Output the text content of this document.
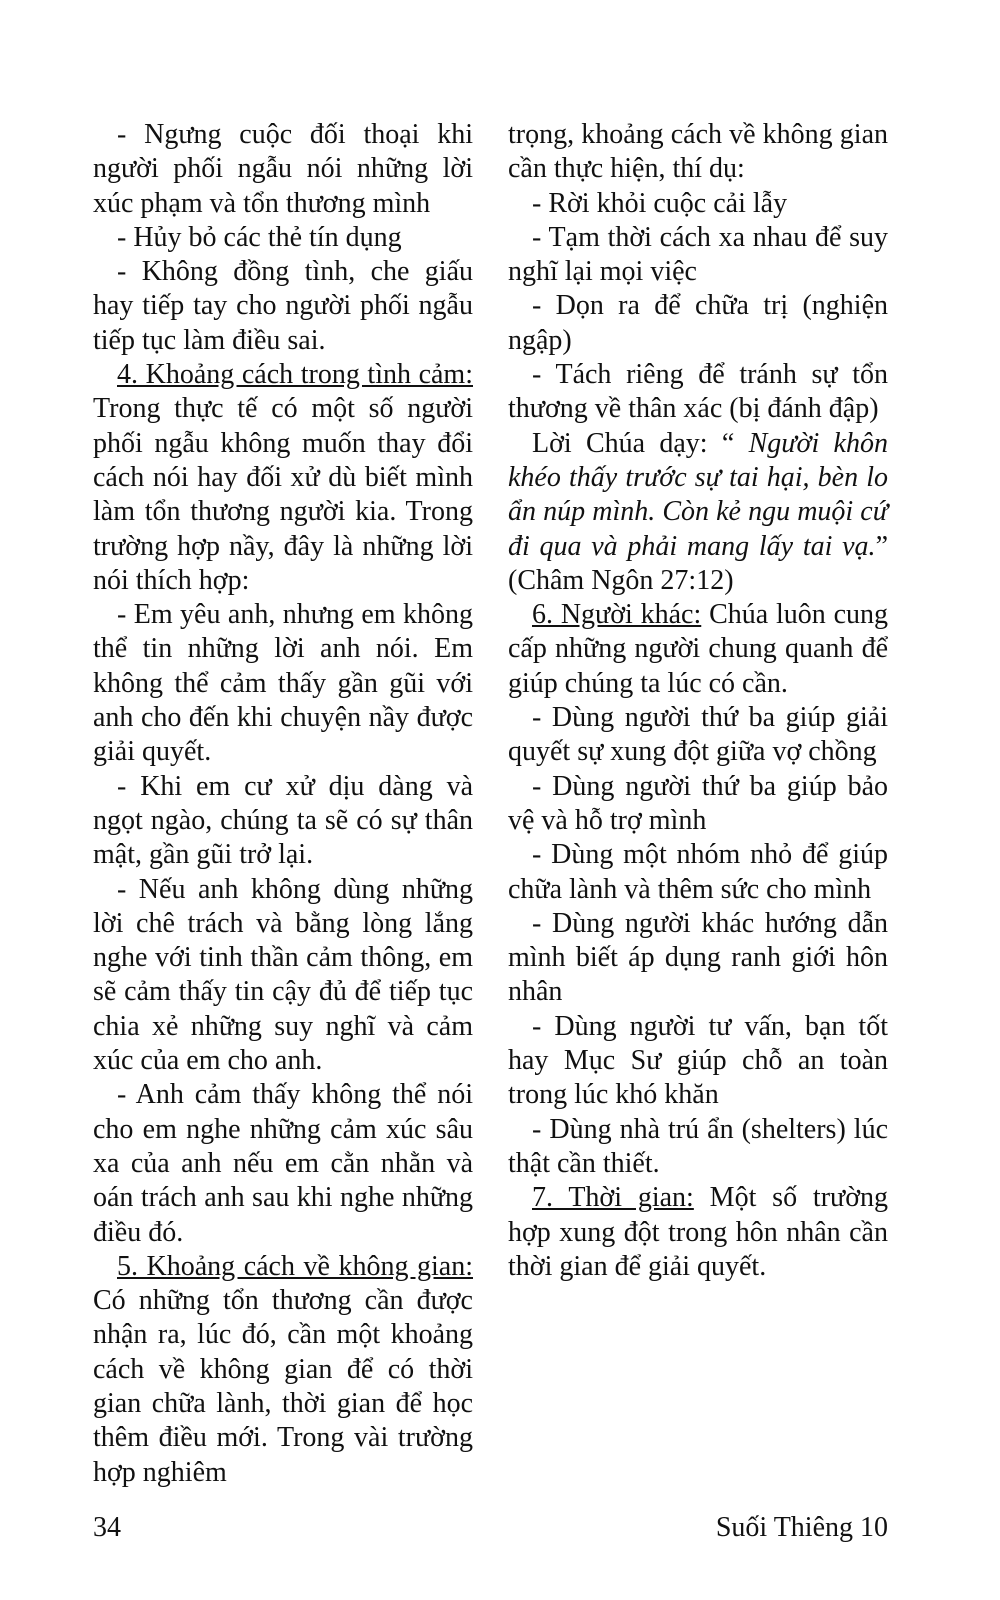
- Ngưng cuộc đối thoại khi người phối ngẫu nói những lời xúc phạm và tổn thương mình

- Hủy bỏ các thẻ tín dụng

- Không đồng tình, che giấu hay tiếp tay cho người phối ngẫu tiếp tục làm điều sai.

4. Khoảng cách trong tình cảm: Trong thực tế có một số người phối ngẫu không muốn thay đổi cách nói hay đối xử dù biết mình làm tổn thương người kia. Trong trường hợp nầy, đây là những lời nói thích hợp:

- Em yêu anh, nhưng em không thể tin những lời anh nói. Em không thể cảm thấy gần gũi với anh cho đến khi chuyện nầy được giải quyết.

- Khi em cư xử dịu dàng và ngọt ngào, chúng ta sẽ có sự thân mật, gần gũi trở lại.

- Nếu anh không dùng những lời chê trách và bằng lòng lắng nghe với tinh thần cảm thông, em sẽ cảm thấy tin cậy đủ để tiếp tục chia xẻ những suy nghĩ và cảm xúc của em cho anh.

- Anh cảm thấy không thể nói cho em nghe những cảm xúc sâu xa của anh nếu em cằn nhằn và oán trách anh sau khi nghe những điều đó.

5. Khoảng cách về không gian: Có những tổn thương cần được nhận ra, lúc đó, cần một khoảng cách về không gian để có thời gian chữa lành, thời gian để học thêm điều mới. Trong vài trường hợp nghiêm

trọng, khoảng cách về không gian cần thực hiện, thí dụ:

- Rời khỏi cuộc cải lẫy

- Tạm thời cách xa nhau để suy nghĩ lại mọi việc

- Dọn ra để chữa trị (nghiện ngập)

- Tách riêng để tránh sự tổn thương về thân xác (bị đánh đập)

Lời Chúa dạy: “ Người khôn khéo thấy trước sự tai hại, bèn lo ẩn núp mình. Còn kẻ ngu muội cứ đi qua và phải mang lấy tai vạ.” (Châm Ngôn 27:12)

6. Người khác: Chúa luôn cung cấp những người chung quanh để giúp chúng ta lúc có cần.

- Dùng người thứ ba giúp giải quyết sự xung đột giữa vợ chồng

- Dùng người thứ ba giúp bảo vệ và hỗ trợ mình

- Dùng một nhóm nhỏ để giúp chữa lành và thêm sức cho mình

- Dùng người khác hướng dẫn mình biết áp dụng ranh giới hôn nhân

- Dùng người tư vấn, bạn tốt hay Mục Sư giúp chỗ an toàn trong lúc khó khăn

- Dùng nhà trú ẩn (shelters) lúc thật cần thiết.

7. Thời gian: Một số trường hợp xung đột trong hôn nhân cần thời gian để giải quyết.

34	Suối Thiêng 10
